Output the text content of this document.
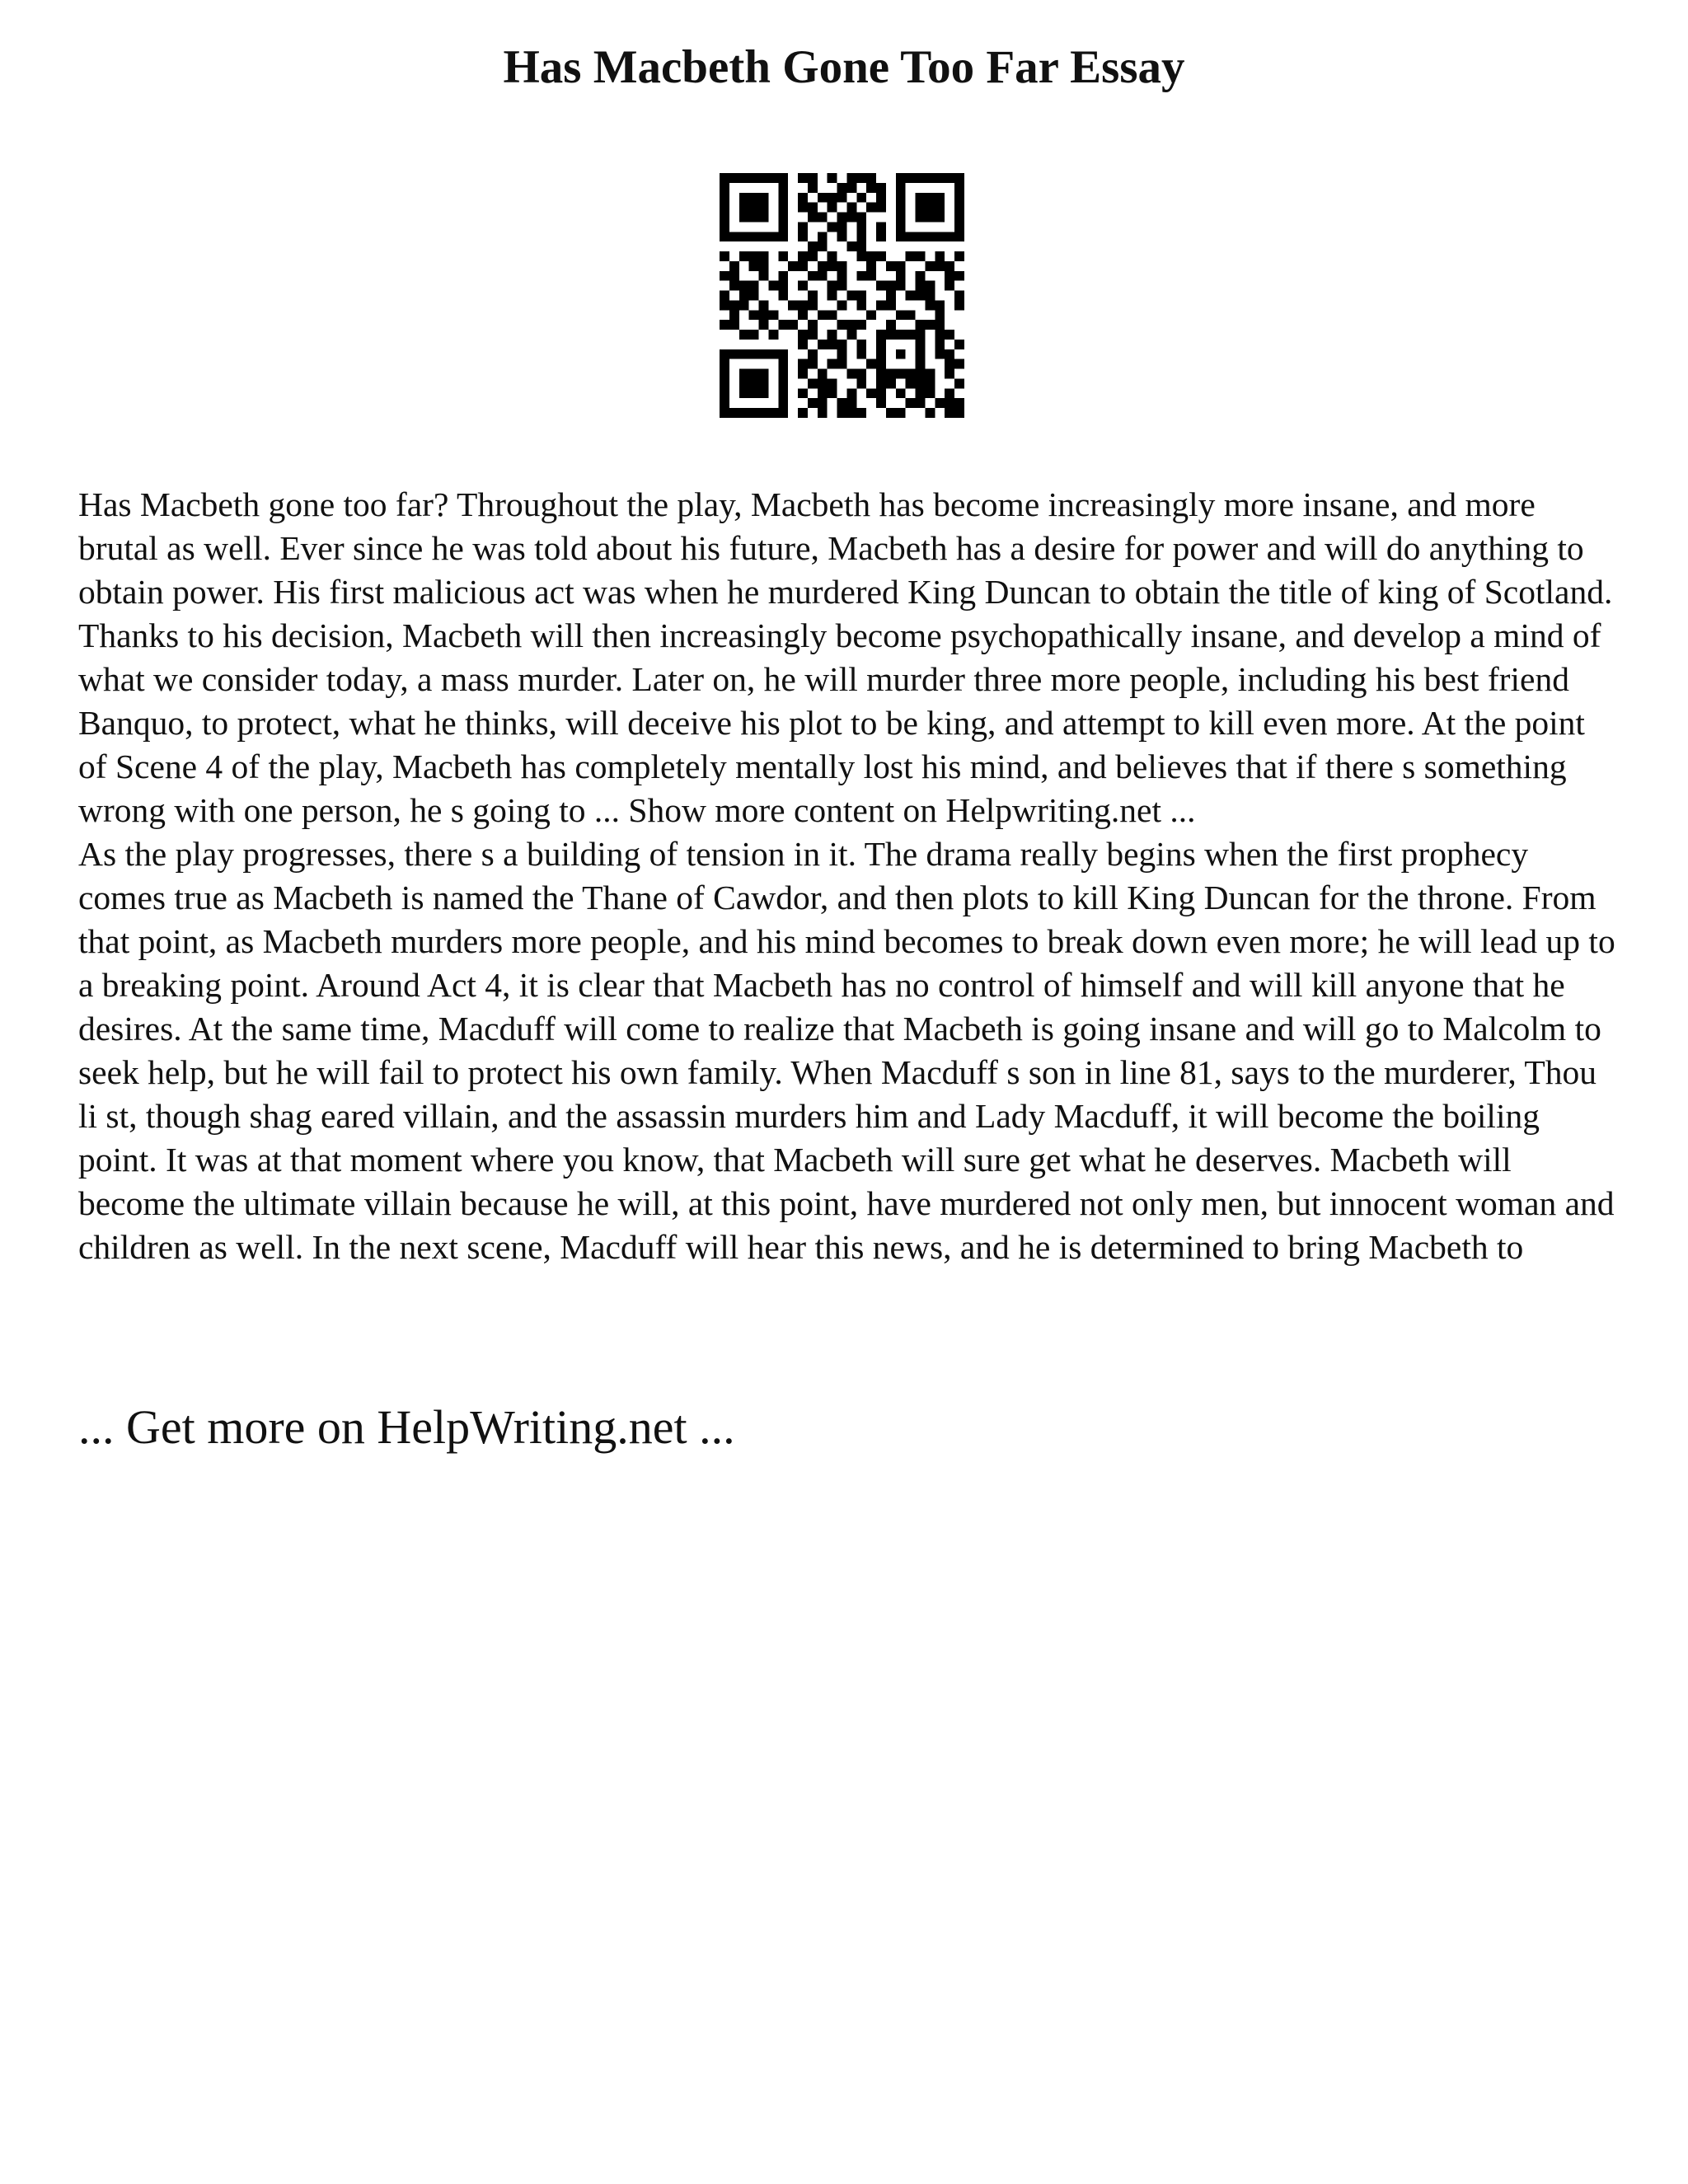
Has Macbeth Gone Too Far Essay

Has Macbeth gone too far? Throughout the play, Macbeth has become increasingly more insane, and more brutal as well. Ever since he was told about his future, Macbeth has a desire for power and will do anything to obtain power. His first malicious act was when he murdered King Duncan to obtain the title of king of Scotland. Thanks to his decision, Macbeth will then increasingly become psychopathically insane, and develop a mind of what we consider today, a mass murder. Later on, he will murder three more people, including his best friend Banquo, to protect, what he thinks, will deceive his plot to be king, and attempt to kill even more. At the point of Scene 4 of the play, Macbeth has completely mentally lost his mind, and believes that if there s something wrong with one person, he s going to ... Show more content on Helpwriting.net ...

As the play progresses, there s a building of tension in it. The drama really begins when the first prophecy comes true as Macbeth is named the Thane of Cawdor, and then plots to kill King Duncan for the throne. From that point, as Macbeth murders more people, and his mind becomes to break down even more; he will lead up to a breaking point. Around Act 4, it is clear that Macbeth has no control of himself and will kill anyone that he desires. At the same time, Macduff will come to realize that Macbeth is going insane and will go to Malcolm to seek help, but he will fail to protect his own family. When Macduff s son in line 81, says to the murderer, Thou li st, though shag eared villain, and the assassin murders him and Lady Macduff, it will become the boiling point. It was at that moment where you know, that Macbeth will sure get what he deserves. Macbeth will become the ultimate villain because he will, at this point, have murdered not only men, but innocent woman and children as well. In the next scene, Macduff will hear this news, and he is determined to bring Macbeth to

... Get more on HelpWriting.net ...
